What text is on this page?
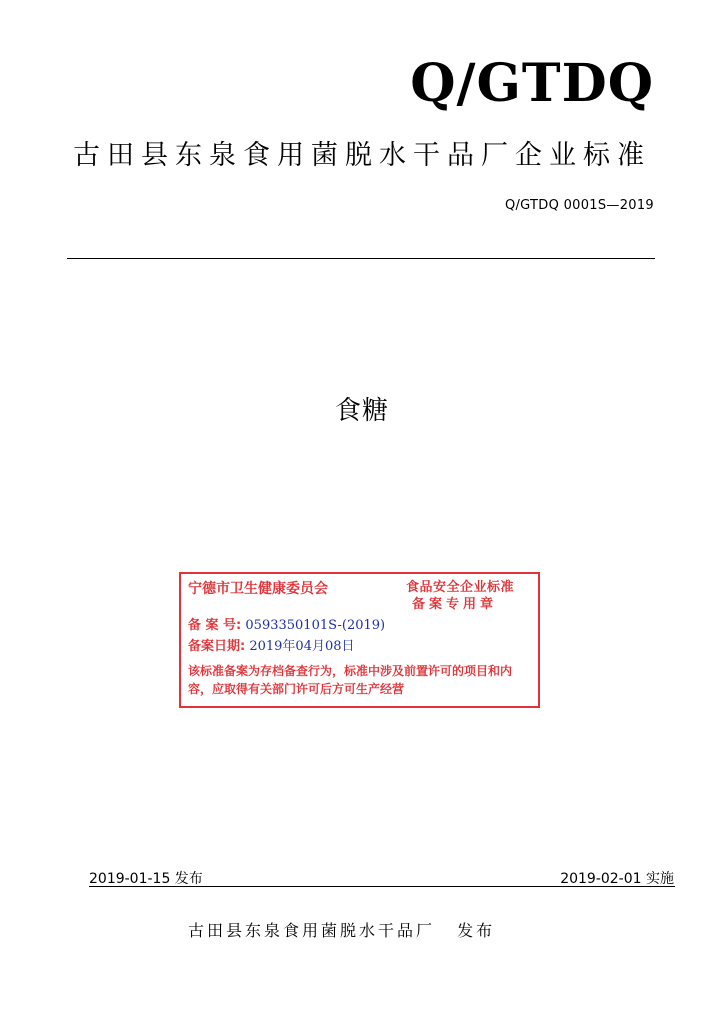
Q/GTDQ
古田县东泉食用菌脱水干品厂企业标准
Q/GTDQ 0001S—2019
食糖
宁德市卫生健康委员会	食品安全企业标准
备案专用章
备 案 号: 0593350101S-(2019)
备案日期: 2019年04月08日
该标准备案为存档备查行为，标准中涉及前置许可的项目和内容，应取得有关部门许可后方可生产经营
2019-01-15 发布	2019-02-01 实施
古田县东泉食用菌脱水干品厂 发布
